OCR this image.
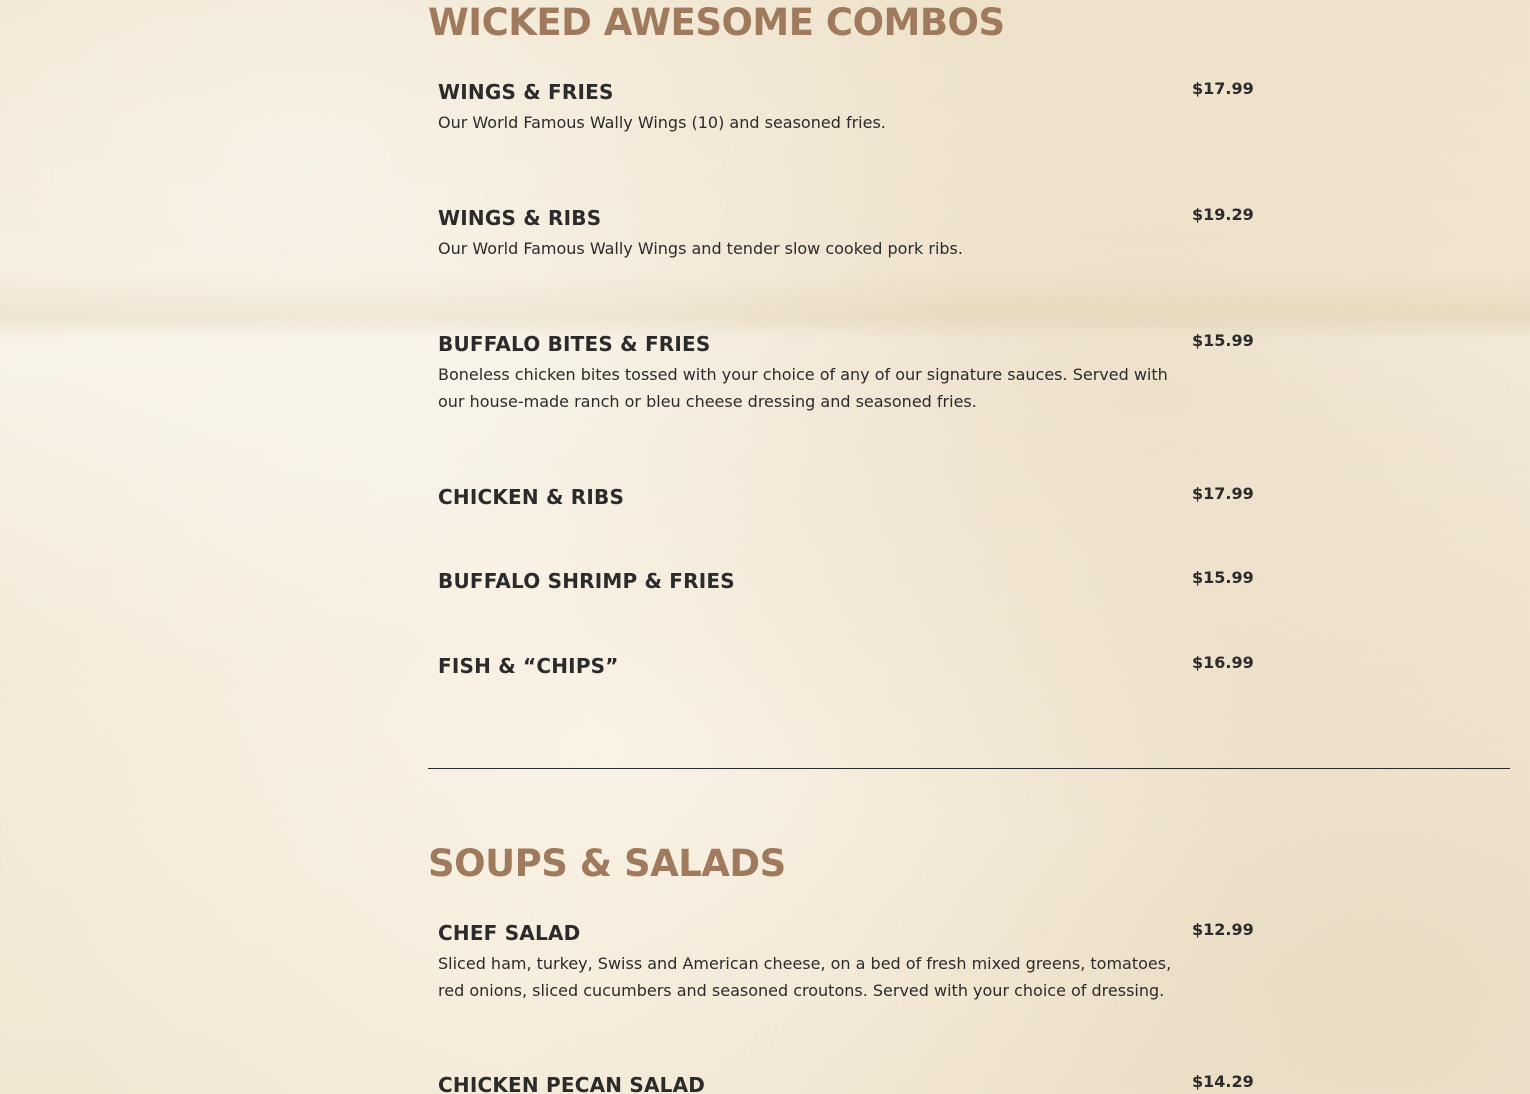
WICKED AWESOME COMBOS
WINGS & FRIES
Our World Famous Wally Wings (10) and seasoned fries.
$17.99
WINGS & RIBS
Our World Famous Wally Wings and tender slow cooked pork ribs.
$19.29
BUFFALO BITES & FRIES
Boneless chicken bites tossed with your choice of any of our signature sauces. Served with our house-made ranch or bleu cheese dressing and seasoned fries.
$15.99
CHICKEN & RIBS	$17.99
BUFFALO SHRIMP & FRIES	$15.99
FISH & “CHIPS”	$16.99
SOUPS & SALADS
CHEF SALAD
Sliced ham, turkey, Swiss and American cheese, on a bed of fresh mixed greens, tomatoes, red onions, sliced cucumbers and seasoned croutons. Served with your choice of dressing.
$12.99
CHICKEN PECAN SALAD	$14.29
